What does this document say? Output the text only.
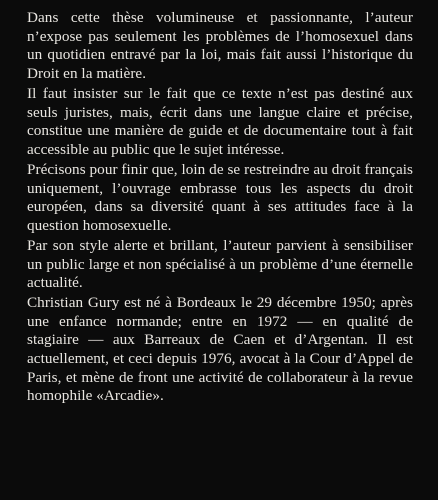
Dans cette thèse volumineuse et passionnante, l’auteur n’expose pas seulement les problèmes de l’homosexuel dans un quotidien entravé par la loi, mais fait aussi l’historique du Droit en la matière.

Il faut insister sur le fait que ce texte n’est pas destiné aux seuls juristes, mais, écrit dans une langue claire et précise, constitue une manière de guide et de documentaire tout à fait accessible au public que le sujet intéresse.

Précisons pour finir que, loin de se restreindre au droit français uniquement, l’ouvrage embrasse tous les aspects du droit européen, dans sa diversité quant à ses attitudes face à la question homosexuelle.

Par son style alerte et brillant, l’auteur parvient à sensibiliser un public large et non spécialisé à un problème d’une éternelle actualité.

Christian Gury est né à Bordeaux le 29 décembre 1950; après une enfance normande; entre en 1972 — en qualité de stagiaire — aux Barreaux de Caen et d’Argentan. Il est actuellement, et ceci depuis 1976, avocat à la Cour d’Appel de Paris, et mène de front une activité de collaborateur à la revue homophile «Arcadie».
